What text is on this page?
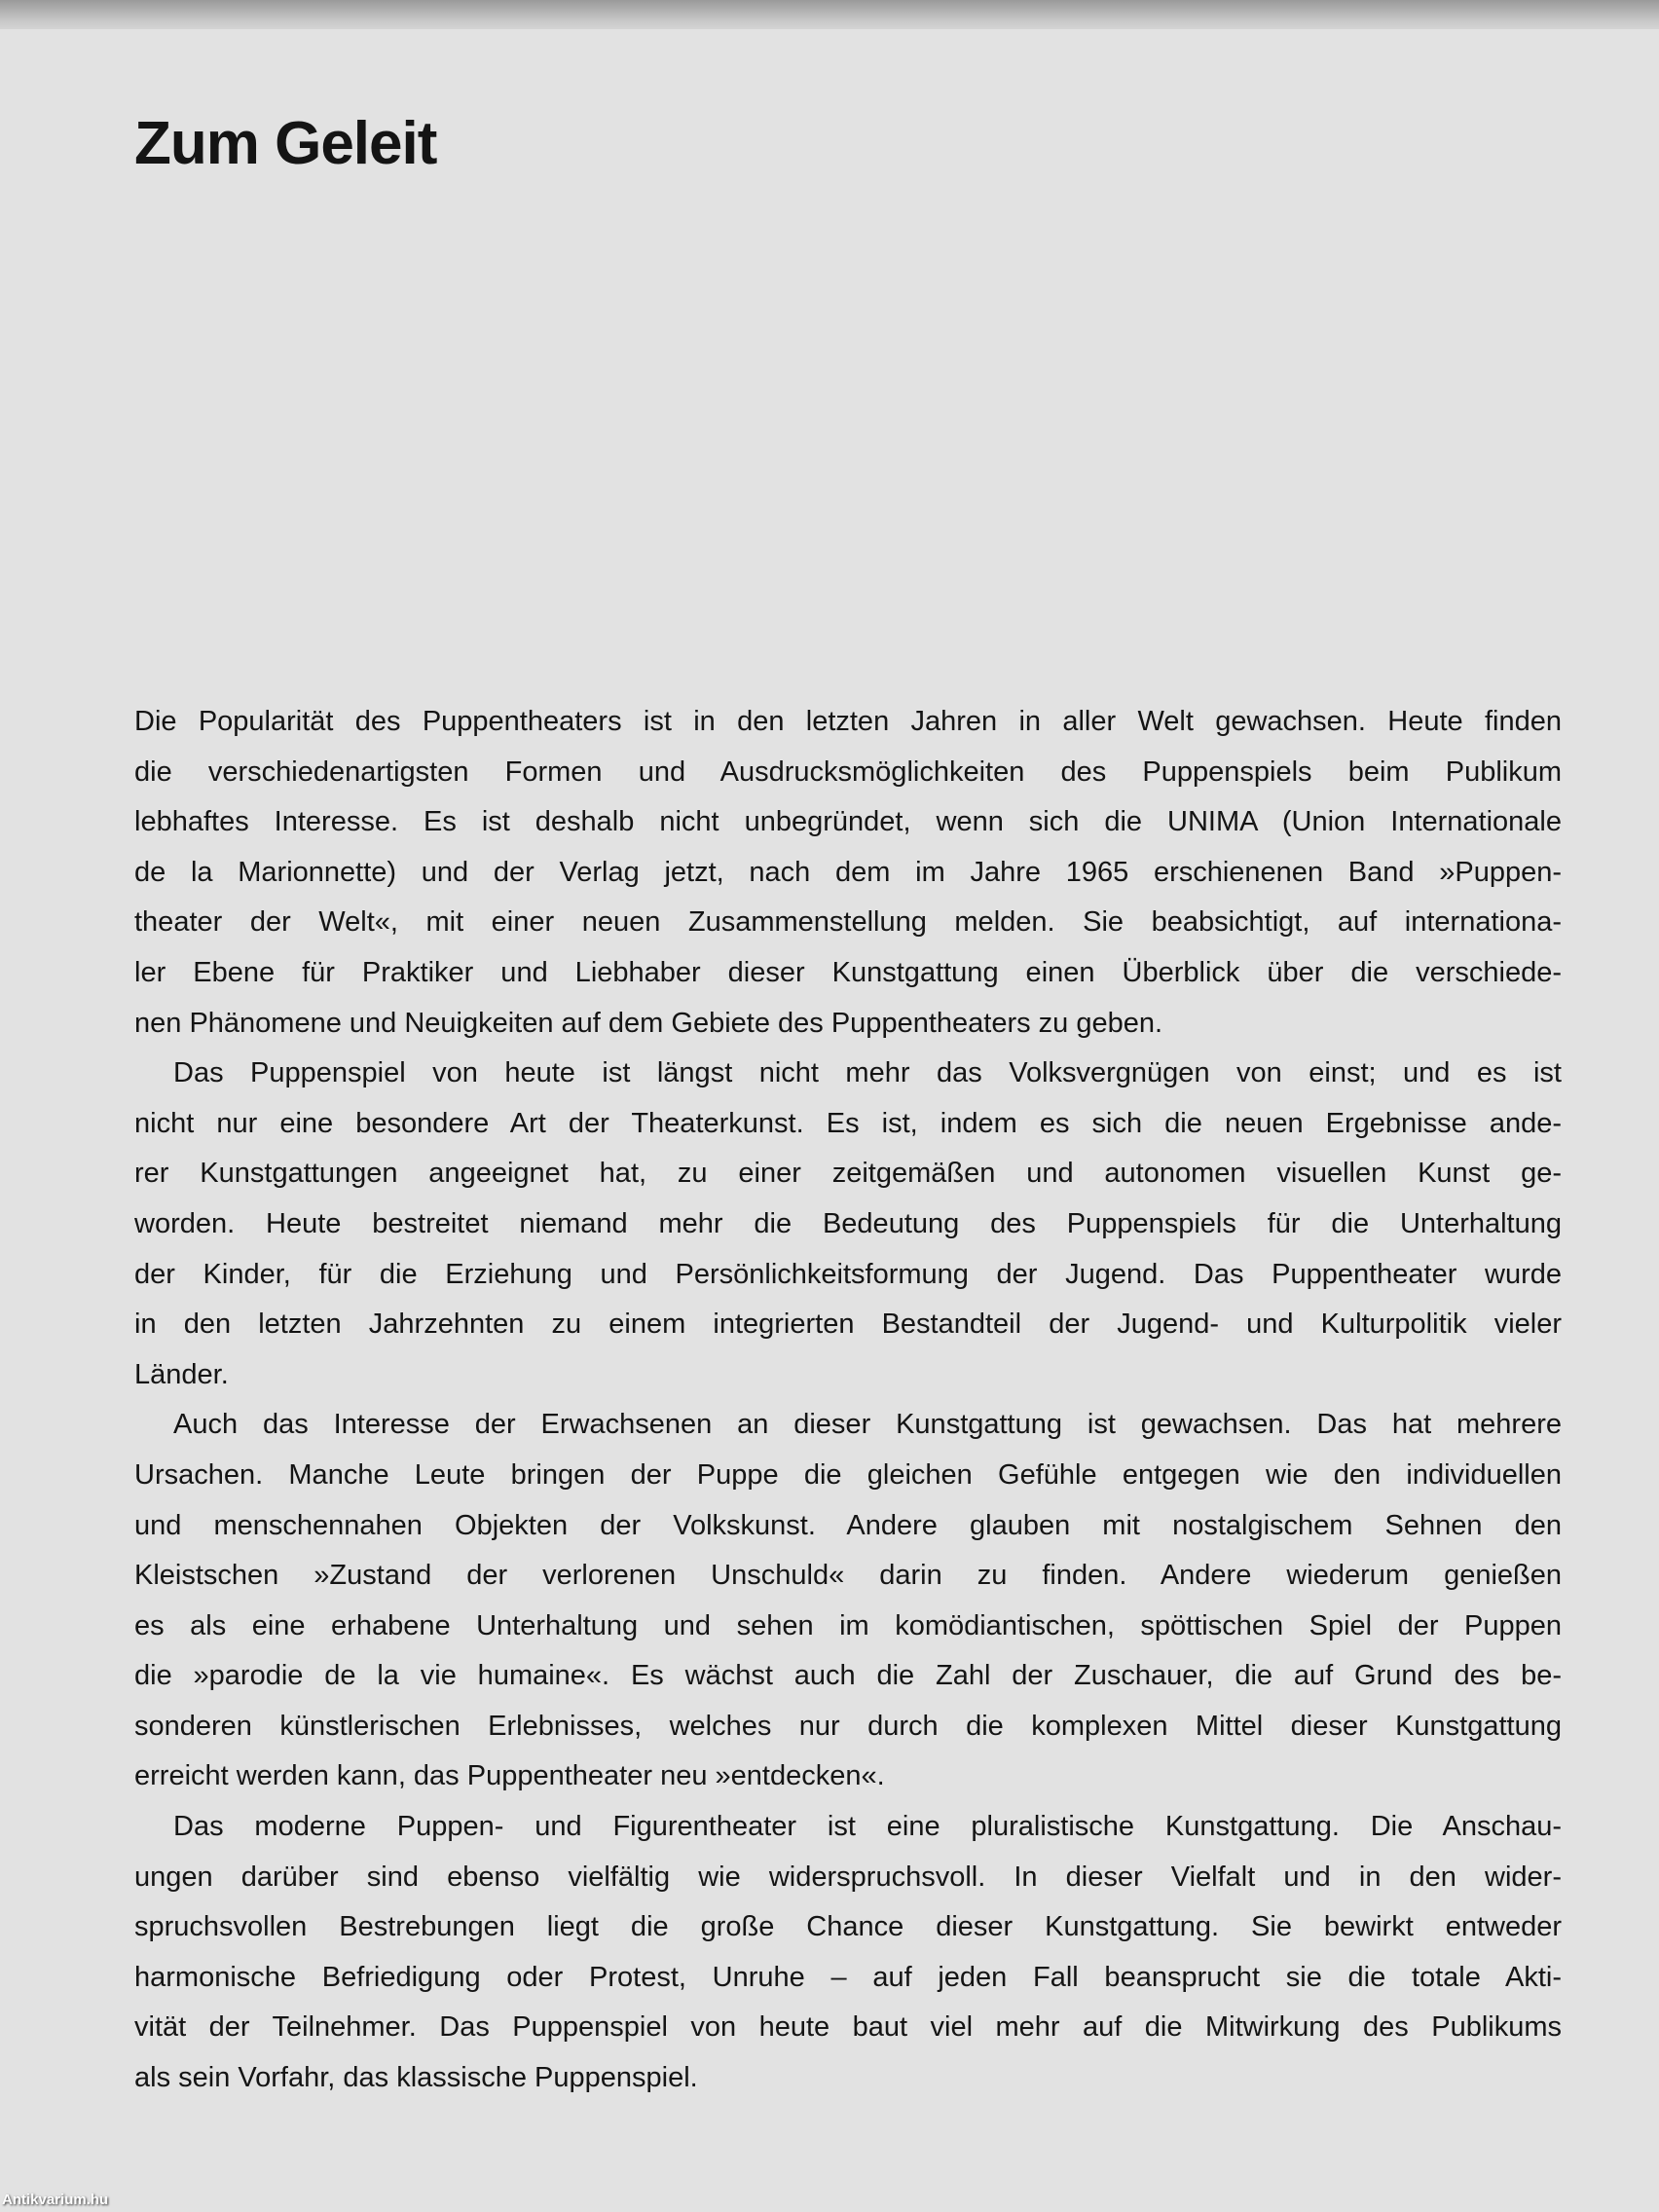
Zum Geleit
Die Popularität des Puppentheaters ist in den letzten Jahren in aller Welt gewachsen. Heute finden
die verschiedenartigsten Formen und Ausdrucksmöglichkeiten des Puppenspiels beim Publikum
lebhaftes Interesse. Es ist deshalb nicht unbegründet, wenn sich die UNIMA (Union Internationale
de la Marionnette) und der Verlag jetzt, nach dem im Jahre 1965 erschienenen Band »Puppen-
theater der Welt«, mit einer neuen Zusammenstellung melden. Sie beabsichtigt, auf internationa-
ler Ebene für Praktiker und Liebhaber dieser Kunstgattung einen Überblick über die verschiede-
nen Phänomene und Neuigkeiten auf dem Gebiete des Puppentheaters zu geben.
Das Puppenspiel von heute ist längst nicht mehr das Volksvergnügen von einst; und es ist
nicht nur eine besondere Art der Theaterkunst. Es ist, indem es sich die neuen Ergebnisse ande-
rer Kunstgattungen angeeignet hat, zu einer zeitgemäßen und autonomen visuellen Kunst ge-
worden. Heute bestreitet niemand mehr die Bedeutung des Puppenspiels für die Unterhaltung
der Kinder, für die Erziehung und Persönlichkeitsformung der Jugend. Das Puppentheater wurde
in den letzten Jahrzehnten zu einem integrierten Bestandteil der Jugend- und Kulturpolitik vieler
Länder.
Auch das Interesse der Erwachsenen an dieser Kunstgattung ist gewachsen. Das hat mehrere
Ursachen. Manche Leute bringen der Puppe die gleichen Gefühle entgegen wie den individuellen
und menschennahen Objekten der Volkskunst. Andere glauben mit nostalgischem Sehnen den
Kleistschen »Zustand der verlorenen Unschuld« darin zu finden. Andere wiederum genießen
es als eine erhabene Unterhaltung und sehen im komödiantischen, spöttischen Spiel der Puppen
die »parodie de la vie humaine«. Es wächst auch die Zahl der Zuschauer, die auf Grund des be-
sonderen künstlerischen Erlebnisses, welches nur durch die komplexen Mittel dieser Kunstgattung
erreicht werden kann, das Puppentheater neu »entdecken«.
Das moderne Puppen- und Figurentheater ist eine pluralistische Kunstgattung. Die Anschau-
ungen darüber sind ebenso vielfältig wie widerspruchsvoll. In dieser Vielfalt und in den wider-
spruchsvollen Bestrebungen liegt die große Chance dieser Kunstgattung. Sie bewirkt entweder
harmonische Befriedigung oder Protest, Unruhe – auf jeden Fall beansprucht sie die totale Akti-
vität der Teilnehmer. Das Puppenspiel von heute baut viel mehr auf die Mitwirkung des Publikums
als sein Vorfahr, das klassische Puppenspiel.
Antikvarium.hu
